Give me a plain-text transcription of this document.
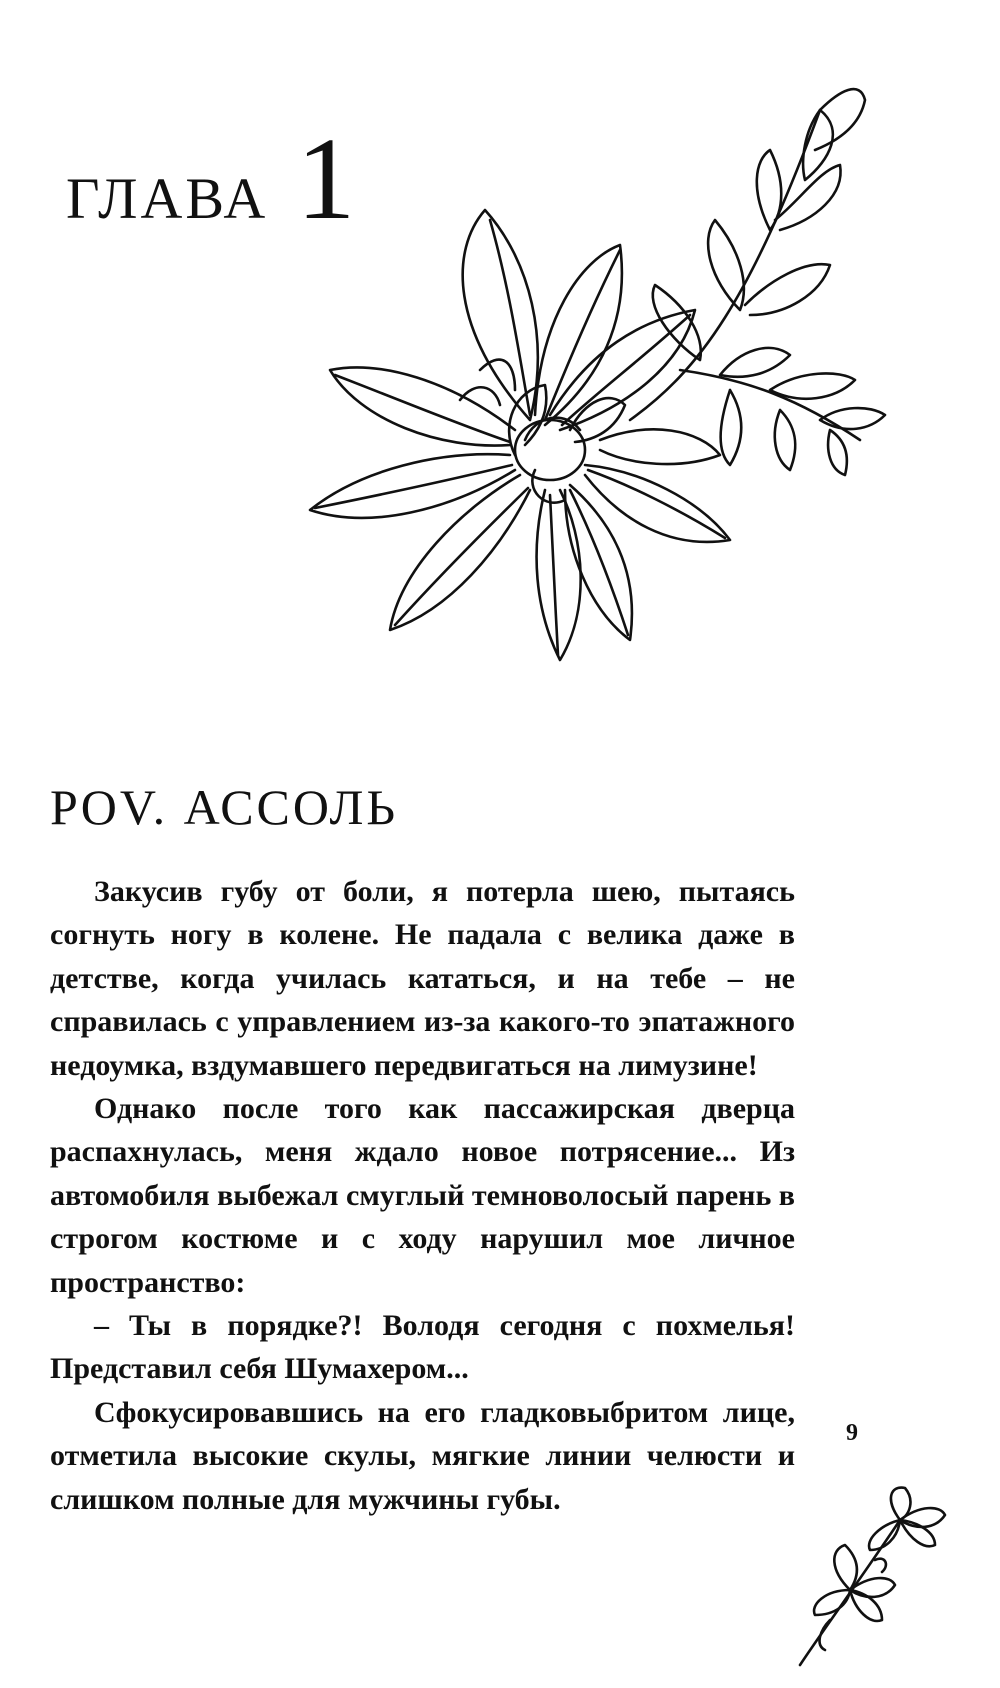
ГЛАВА 1
POV. АССОЛЬ

Закусив губу от боли, я потерла шею, пытаясь согнуть ногу в колене. Не падала с велика даже в детстве, когда училась кататься, и на тебе – не справилась с управлением из-за какого-то эпатажного недоумка, вздумавшего передвигаться на лимузине!

Однако после того как пассажирская дверца распахнулась, меня ждало новое потрясение... Из автомобиля выбежал смуглый темноволосый парень в строгом костюме и с ходу нарушил мое личное пространство:

– Ты в порядке?! Володя сегодня с похмелья! Представил себя Шумахером...

Сфокусировавшись на его гладковыбритом лице, отметила высокие скулы, мягкие линии челюсти и слишком полные для мужчины губы.

9
